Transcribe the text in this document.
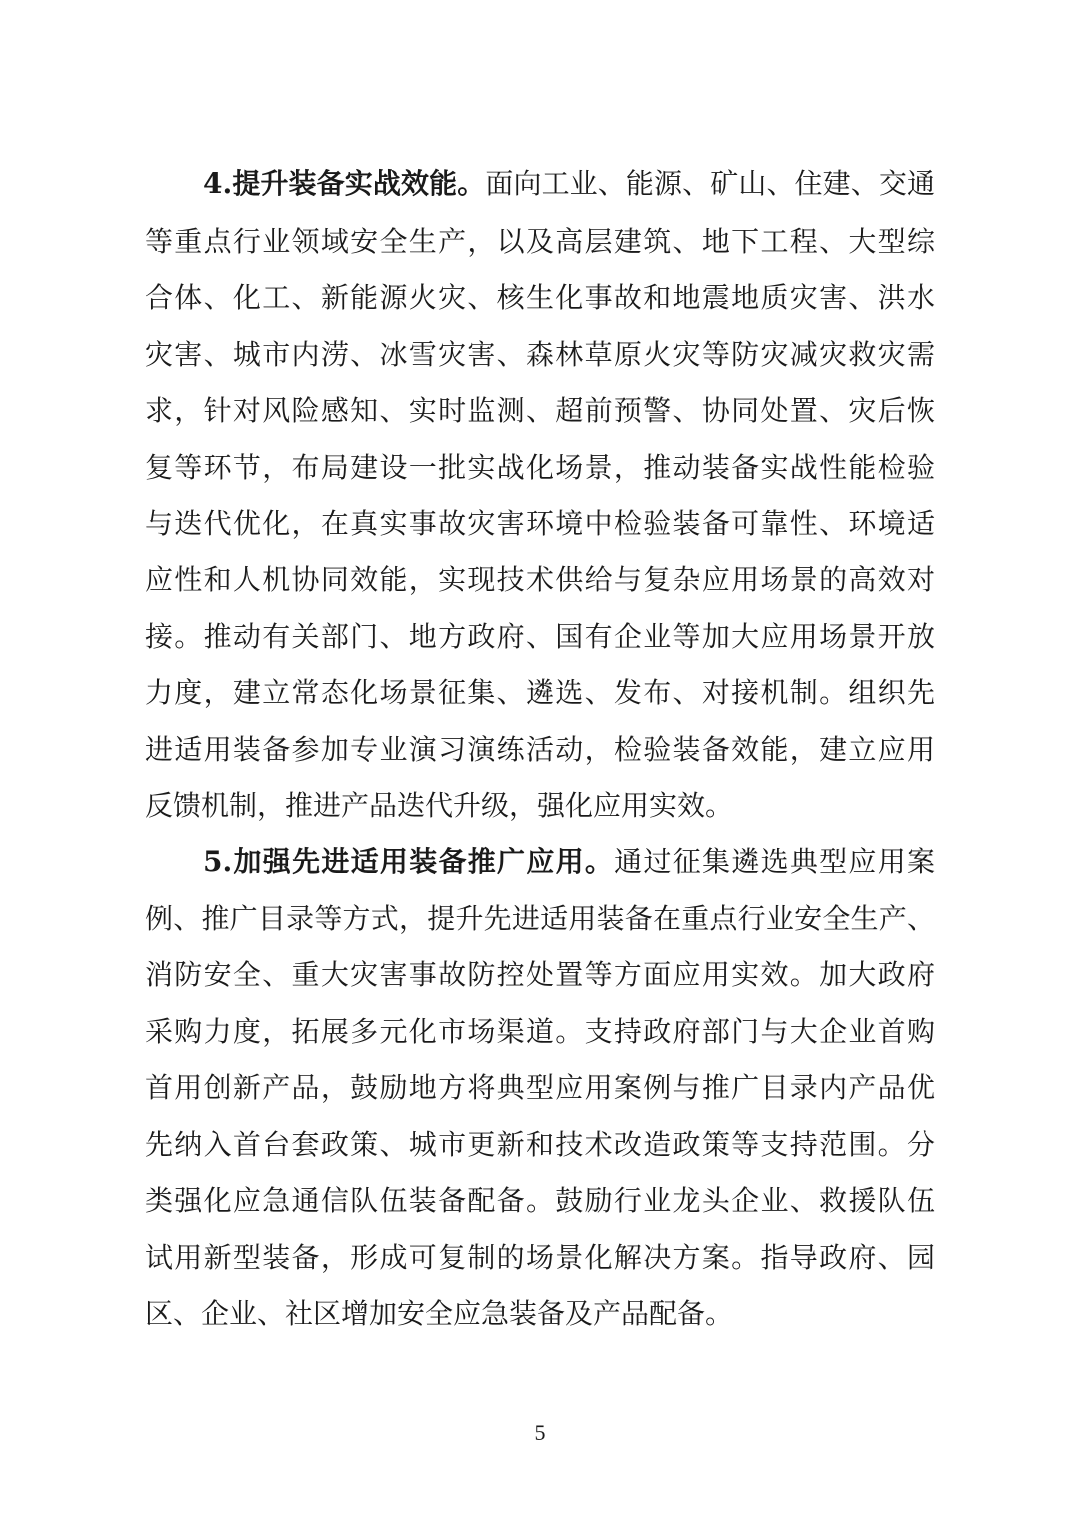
4.提升装备实战效能。面向工业、能源、矿山、住建、交通
等重点行业领域安全生产，以及高层建筑、地下工程、大型综
合体、化工、新能源火灾、核生化事故和地震地质灾害、洪水
灾害、城市内涝、冰雪灾害、森林草原火灾等防灾减灾救灾需
求，针对风险感知、实时监测、超前预警、协同处置、灾后恢
复等环节，布局建设一批实战化场景，推动装备实战性能检验
与迭代优化，在真实事故灾害环境中检验装备可靠性、环境适
应性和人机协同效能，实现技术供给与复杂应用场景的高效对
接。推动有关部门、地方政府、国有企业等加大应用场景开放
力度，建立常态化场景征集、遴选、发布、对接机制。组织先
进适用装备参加专业演习演练活动，检验装备效能，建立应用
反馈机制，推进产品迭代升级，强化应用实效。
5.加强先进适用装备推广应用。通过征集遴选典型应用案
例、推广目录等方式，提升先进适用装备在重点行业安全生产、
消防安全、重大灾害事故防控处置等方面应用实效。加大政府
采购力度，拓展多元化市场渠道。支持政府部门与大企业首购
首用创新产品，鼓励地方将典型应用案例与推广目录内产品优
先纳入首台套政策、城市更新和技术改造政策等支持范围。分
类强化应急通信队伍装备配备。鼓励行业龙头企业、救援队伍
试用新型装备，形成可复制的场景化解决方案。指导政府、园
区、企业、社区增加安全应急装备及产品配备。
5
